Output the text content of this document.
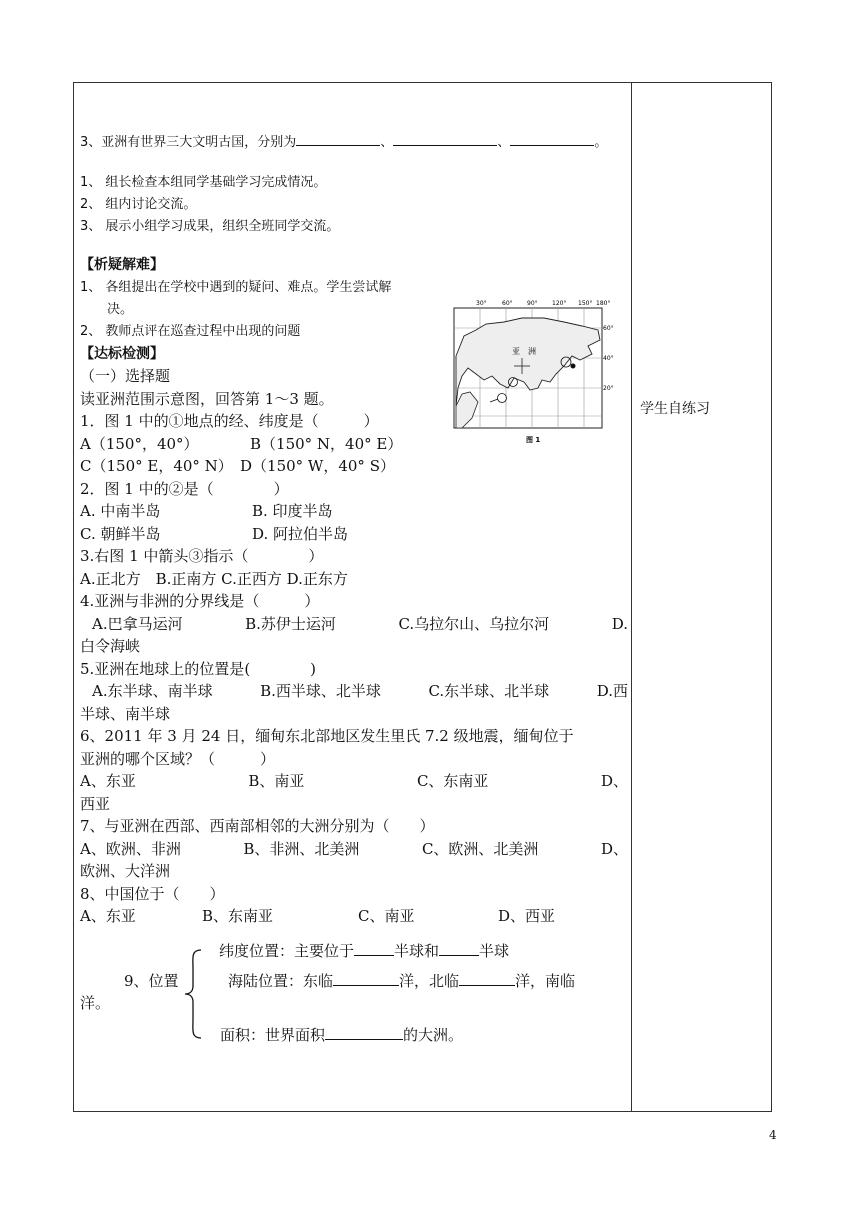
学生自练习
3、亚洲有世界三大文明古国，分别为	、	、	。
1、 组长检查本组同学基础学习完成情况。
2、 组内讨论交流。
3、 展示小组学习成果，组织全班同学交流。
【析疑解难】
1、 各组提出在学校中遇到的疑问、难点。学生尝试解
决。
2、 教师点评在巡查过程中出现的问题
【达标检测】
（一）选择题
读亚洲范围示意图，回答第 1～3 题。
1．图 1 中的①地点的经、纬度是（　　　）
A（150°，40°）	B（150° N，40° E）
C（150° E，40° N） D（150° W，40° S）
2．图 1 中的②是（　　　　）
A. 中南半岛	B. 印度半岛
C. 朝鲜半岛	D. 阿拉伯半岛
3.右图 1 中箭头③指示（　　　　）
A.正北方　B.正南方 C.正西方 D.正东方
4.亚洲与非洲的分界线是（　　　）
A.巴拿马运河	B.苏伊士运河	C.乌拉尔山、乌拉尔河	D.
白令海峡
5.亚洲在地球上的位置是(　　　　)
A.东半球、南半球	B.西半球、北半球	C.东半球、北半球	D.西
半球、南半球
6、2011 年 3 月 24 日，缅甸东北部地区发生里氏 7.2 级地震，缅甸位于
亚洲的哪个区域？（　　　）
A、东亚	B、南亚	C、东南亚	D、
西亚
7、与亚洲在西部、西南部相邻的大洲分别为（　　）
A、欧洲、非洲	B、非洲、北美洲	C、欧洲、北美洲	D、
欧洲、大洋洲
8、中国位于（　　）
A、东亚	B、东南亚	C、南亚	D、西亚
纬度位置：主要位于	半球和	半球
9、位置	海陆位置：东临	洋，北临	洋，南临
洋。
面积：世界面积	的大洲。
亚　洲
30°	60° 90° 120° 150° 180°
60°
40°
20°
图 1
4
